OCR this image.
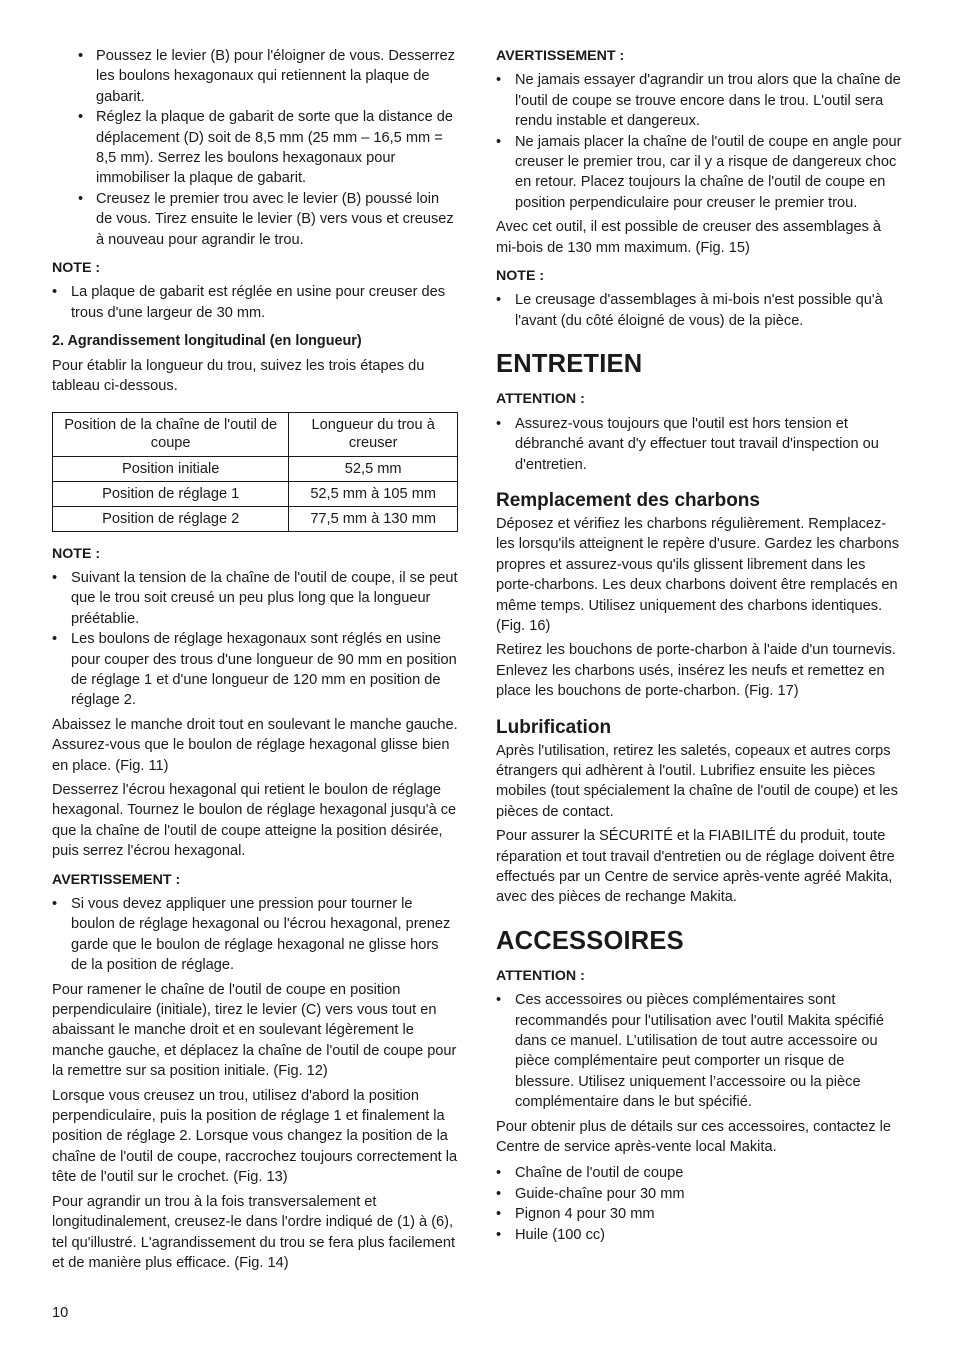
• Poussez le levier (B) pour l'éloigner de vous. Desserrez les boulons hexagonaux qui retiennent la plaque de gabarit.
• Réglez la plaque de gabarit de sorte que la distance de déplacement (D) soit de 8,5 mm (25 mm – 16,5 mm = 8,5 mm). Serrez les boulons hexagonaux pour immobiliser la plaque de gabarit.
• Creusez le premier trou avec le levier (B) poussé loin de vous. Tirez ensuite le levier (B) vers vous et creusez à nouveau pour agrandir le trou.

NOTE :

• La plaque de gabarit est réglée en usine pour creuser des trous d'une largeur de 30 mm.

2. Agrandissement longitudinal (en longueur)

Pour établir la longueur du trou, suivez les trois étapes du tableau ci-dessous.

Position de la chaîne de l'outil de coupe	Longueur du trou à creuser
Position initiale	52,5 mm
Position de réglage 1	52,5 mm à 105 mm
Position de réglage 2	77,5 mm à 130 mm

NOTE :

• Suivant la tension de la chaîne de l'outil de coupe, il se peut que le trou soit creusé un peu plus long que la longueur préétablie.
• Les boulons de réglage hexagonaux sont réglés en usine pour couper des trous d'une longueur de 90 mm en position de réglage 1 et d'une longueur de 120 mm en position de réglage 2.

Abaissez le manche droit tout en soulevant le manche gauche. Assurez-vous que le boulon de réglage hexagonal glisse bien en place. (Fig. 11)

Desserrez l'écrou hexagonal qui retient le boulon de réglage hexagonal. Tournez le boulon de réglage hexagonal jusqu'à ce que la chaîne de l'outil de coupe atteigne la position désirée, puis serrez l'écrou hexagonal.

AVERTISSEMENT :

• Si vous devez appliquer une pression pour tourner le boulon de réglage hexagonal ou l'écrou hexagonal, prenez garde que le boulon de réglage hexagonal ne glisse hors de la position de réglage.

Pour ramener le chaîne de l'outil de coupe en position perpendiculaire (initiale), tirez le levier (C) vers vous tout en abaissant le manche droit et en soulevant légèrement le manche gauche, et déplacez la chaîne de l'outil de coupe pour la remettre sur sa position initiale. (Fig. 12)

Lorsque vous creusez un trou, utilisez d'abord la position perpendiculaire, puis la position de réglage 1 et finalement la position de réglage 2. Lorsque vous changez la position de la chaîne de l'outil de coupe, raccrochez toujours correctement la tête de l'outil sur le crochet. (Fig. 13)

Pour agrandir un trou à la fois transversalement et longitudinalement, creusez-le dans l'ordre indiqué de (1) à (6), tel qu'illustré. L'agrandissement du trou se fera plus facilement et de manière plus efficace. (Fig. 14)

AVERTISSEMENT :

• Ne jamais essayer d'agrandir un trou alors que la chaîne de l'outil de coupe se trouve encore dans le trou. L'outil sera rendu instable et dangereux.
• Ne jamais placer la chaîne de l'outil de coupe en angle pour creuser le premier trou, car il y a risque de dangereux choc en retour. Placez toujours la chaîne de l'outil de coupe en position perpendiculaire pour creuser le premier trou.

Avec cet outil, il est possible de creuser des assemblages à mi-bois de 130 mm maximum. (Fig. 15)

NOTE :

• Le creusage d'assemblages à mi-bois n'est possible qu'à l'avant (du côté éloigné de vous) de la pièce.
ENTRETIEN

ATTENTION :

• Assurez-vous toujours que l'outil est hors tension et débranché avant d'y effectuer tout travail d'inspection ou d'entretien.
Remplacement des charbons

Déposez et vérifiez les charbons régulièrement. Remplacez-les lorsqu'ils atteignent le repère d'usure. Gardez les charbons propres et assurez-vous qu'ils glissent librement dans les porte-charbons. Les deux charbons doivent être remplacés en même temps. Utilisez uniquement des charbons identiques. (Fig. 16)

Retirez les bouchons de porte-charbon à l'aide d'un tournevis. Enlevez les charbons usés, insérez les neufs et remettez en place les bouchons de porte-charbon. (Fig. 17)

Lubrification

Après l'utilisation, retirez les saletés, copeaux et autres corps étrangers qui adhèrent à l'outil. Lubrifiez ensuite les pièces mobiles (tout spécialement la chaîne de l'outil de coupe) et les pièces de contact.

Pour assurer la SÉCURITÉ et la FIABILITÉ du produit, toute réparation et tout travail d'entretien ou de réglage doivent être effectués par un Centre de service après-vente agréé Makita, avec des pièces de rechange Makita.

ACCESSOIRES

ATTENTION :

• Ces accessoires ou pièces complémentaires sont recommandés pour l'utilisation avec l'outil Makita spécifié dans ce manuel. L’utilisation de tout autre accessoire ou pièce complémentaire peut comporter un risque de blessure. Utilisez uniquement l’accessoire ou la pièce complémentaire dans le but spécifié.

Pour obtenir plus de détails sur ces accessoires, contactez le Centre de service après-vente local Makita.

• Chaîne de l'outil de coupe
• Guide-chaîne pour 30 mm
• Pignon 4 pour 30 mm
• Huile (100 cc)
10
